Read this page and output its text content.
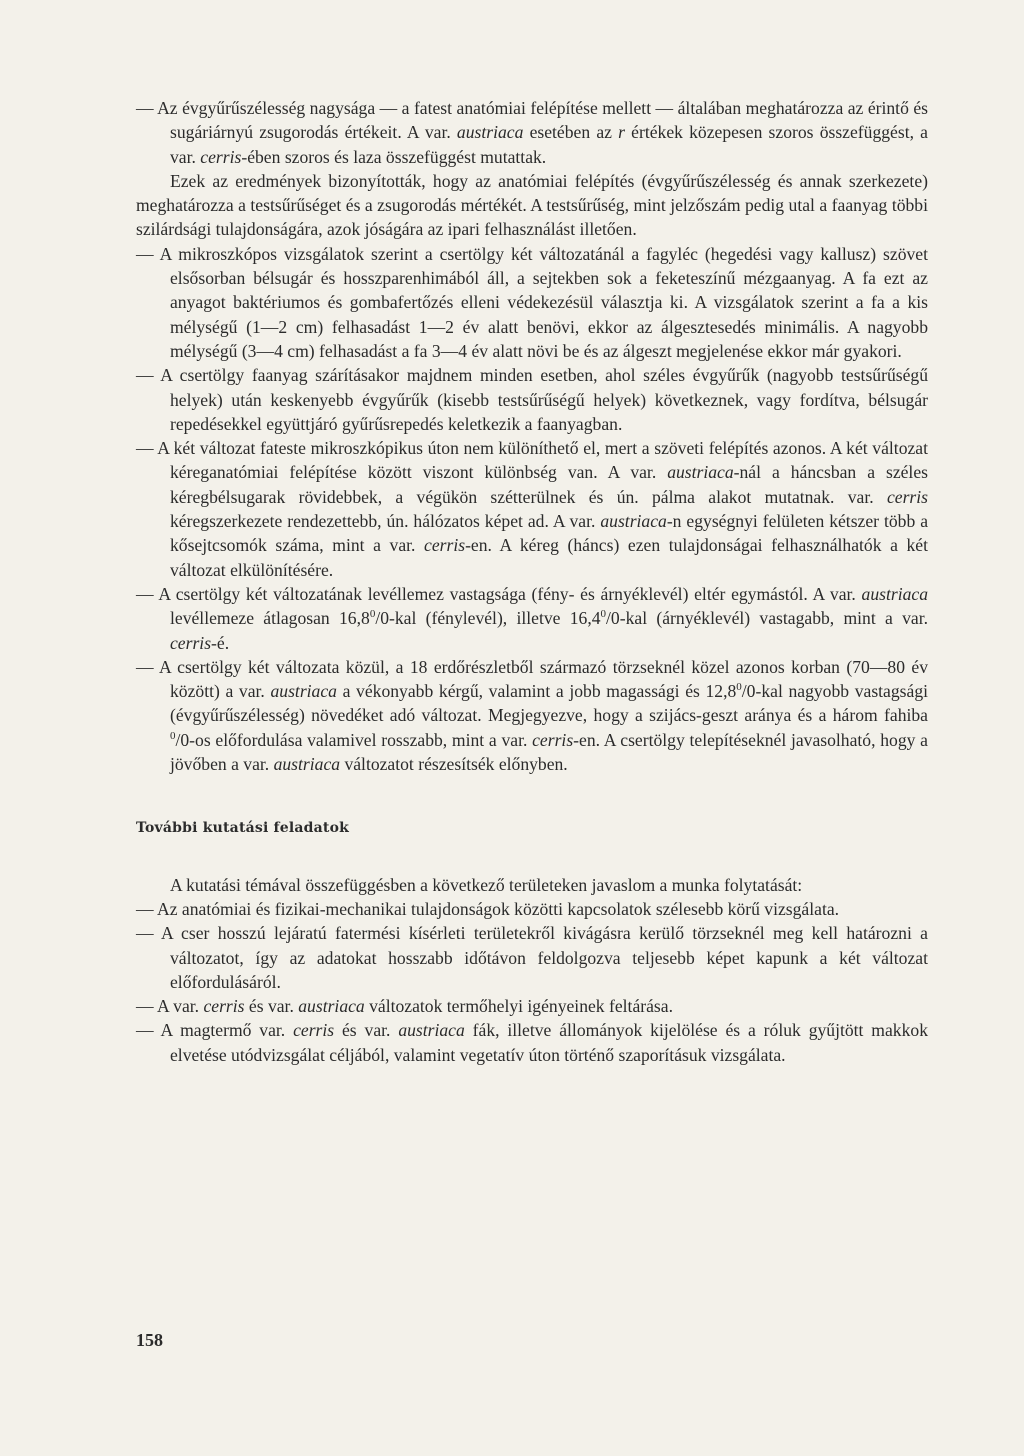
— Az évgyűrűszélesség nagysága — a fatest anatómiai felépítése mellett — általában meghatározza az érintő és sugáriárnyú zsugorodás értékeit. A var. austriaca esetében az r értékek közepesen szoros összefüggést, a var. cerris-ében szoros és laza összefüggést mutattak.

Ezek az eredmények bizonyították, hogy az anatómiai felépítés (évgyűrűszélesség és annak szerkezete) meghatározza a testsűrűséget és a zsugorodás mértékét. A testsűrűség, mint jelzőszám pedig utal a faanyag többi szilárdsági tulajdonságára, azok jóságára az ipari felhasználást illetően.

— A mikroszkópos vizsgálatok szerint a csertölgy két változatánál a fagyléc (hegedési vagy kallusz) szövet elsősorban bélsugár és hosszparenhimából áll, a sejtekben sok a feketeszínű mézgaanyag. A fa ezt az anyagot baktériumos és gombafertőzés elleni védekezésül választja ki. A vizsgálatok szerint a fa a kis mélységű (1—2 cm) felhasadást 1—2 év alatt benövi, ekkor az álgesztesedés minimális. A nagyobb mélységű (3—4 cm) felhasadást a fa 3—4 év alatt növi be és az álgeszt megjelenése ekkor már gyakori.

— A csertölgy faanyag szárításakor majdnem minden esetben, ahol széles évgyűrűk (nagyobb testsűrűségű helyek) után keskenyebb évgyűrűk (kisebb testsűrűségű helyek) következnek, vagy fordítva, bélsugár repedésekkel együttjáró gyűrűsrepedés keletkezik a faanyagban.

— A két változat fateste mikroszkópikus úton nem különíthető el, mert a szöveti felépítés azonos. A két változat kéreganatómiai felépítése között viszont különbség van. A var. austriaca-nál a háncsban a széles kéregbélsugarak rövidebbek, a végükön szétterülnek és ún. pálma alakot mutatnak. var. cerris kéregszerkezete rendezettebb, ún. hálózatos képet ad. A var. austriaca-n egységnyi felületen kétszer több a kősejtcsomók száma, mint a var. cerris-en. A kéreg (háncs) ezen tulajdonságai felhasználhatók a két változat elkülönítésére.

— A csertölgy két változatának levéllemez vastagsága (fény- és árnyéklevél) eltér egymástól. A var. austriaca levéllemeze átlagosan 16,8$^0$/0-kal (fénylevél), illetve 16,4$^0$/0-kal (árnyéklevél) vastagabb, mint a var. cerris-é.

— A csertölgy két változata közül, a 18 erdőrészletből származó törzseknél közel azonos korban (70—80 év között) a var. austriaca a vékonyabb kérgű, valamint a jobb magassági és 12,8$^0$/0-kal nagyobb vastagsági (évgyűrűszélesség) növedéket adó változat. Megjegyezve, hogy a szijács-geszt aránya és a három fahiba $^0$/0-os előfordulása valamivel rosszabb, mint a var. cerris-en. A csertölgy telepítéseknél javasolható, hogy a jövőben a var. austriaca változatot részesítsék előnyben.

További kutatási feladatok

A kutatási témával összefüggésben a következő területeken javaslom a munka folytatását:

— Az anatómiai és fizikai-mechanikai tulajdonságok közötti kapcsolatok szélesebb körű vizsgálata.

— A cser hosszú lejáratú fatermési kísérleti területekről kivágásra kerülő törzseknél meg kell határozni a változatot, így az adatokat hosszabb időtávon feldolgozva teljesebb képet kapunk a két változat előfordulásáról.

— A var. cerris és var. austriaca változatok termőhelyi igényeinek feltárása.

— A magtermő var. cerris és var. austriaca fák, illetve állományok kijelölése és a róluk gyűjtött makkok elvetése utódvizsgálat céljából, valamint vegetatív úton történő szaporításuk vizsgálata.

158
